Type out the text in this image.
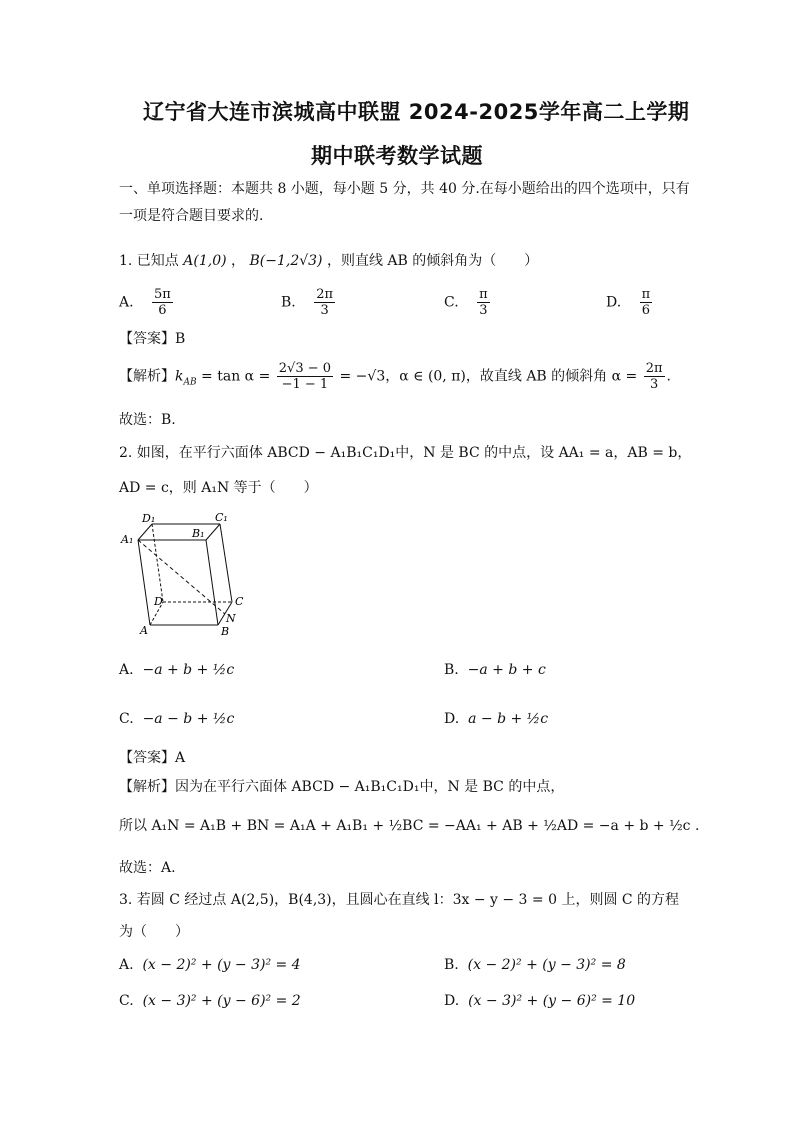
辽宁省大连市滨城高中联盟 2024-2025学年高二上学期
期中联考数学试题
一、单项选择题：本题共 8 小题，每小题 5 分，共 40 分.在每小题给出的四个选项中，只有
一项是符合题目要求的.
1. 已知点 A(1,0) ， B(−1,2√3) ，则直线 AB 的倾斜角为（　　）
A. $\frac{5\pi}{6}$	B. $\frac{2\pi}{3}$	C. $\frac{\pi}{3}$	D. $\frac{\pi}{6}$
【答案】B
【解析】$k_{AB} = \tan \alpha = \frac{2√3 - 0}{-1 - 1} = -√3$，α ∈ (0, π)，故直线 AB 的倾斜角 $\alpha = \frac{2\pi}{3}$ .
故选：B.
2. 如图，在平行六面体 ABCD − A₁B₁C₁D₁中，N 是 BC 的中点，设 AA₁ = a，AB = b，
AD = c，则 A₁N 等于（　　）
D₁	C₁
A₁	B₁
D	C
A	B
N
A. −a + b + ½c	B. −a + b + c
C. −a − b + ½c	D. a − b + ½c
【答案】A
【解析】因为在平行六面体 ABCD − A₁B₁C₁D₁中，N 是 BC 的中点，
所以 A₁N = A₁B + BN = A₁A + A₁B₁ + ½BC = −AA₁ + AB + ½AD = −a + b + ½c .
故选：A.
3. 若圆 C 经过点 A(2,5)，B(4,3)，且圆心在直线 l：3x − y − 3 = 0 上，则圆 C 的方程
为（　　）
A. (x − 2)² + (y − 3)² = 4	B. (x − 2)² + (y − 3)² = 8
C. (x − 3)² + (y − 6)² = 2	D. (x − 3)² + (y − 6)² = 10
